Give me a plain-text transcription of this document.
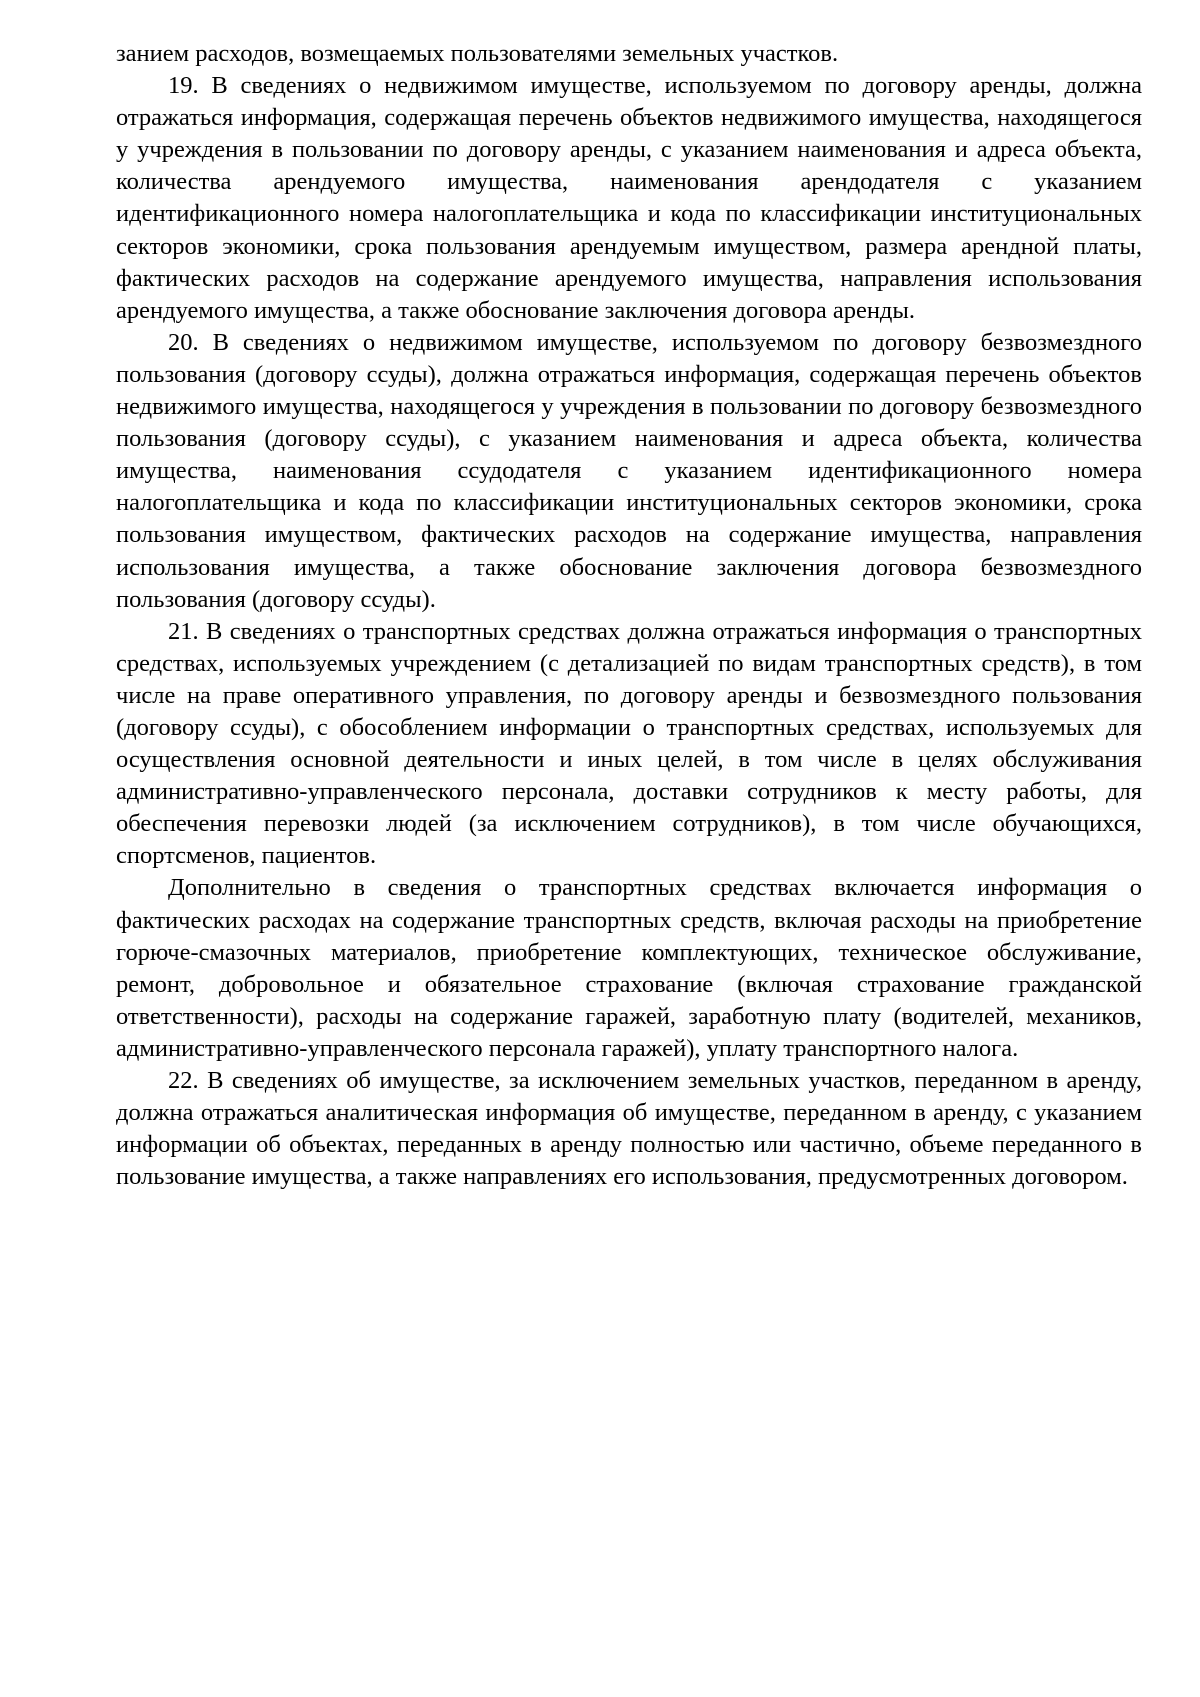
занием расходов, возмещаемых пользователями земельных участков.

19. В сведениях о недвижимом имуществе, используемом по договору аренды, должна отражаться информация, содержащая перечень объектов недвижимого имущества, находящегося у учреждения в пользовании по договору аренды, с указанием наименования и адреса объекта, количества арендуемого имущества, наименования арендодателя с указанием идентификационного номера налогоплательщика и кода по классификации институциональных секторов экономики, срока пользования арендуемым имуществом, размера арендной платы, фактических расходов на содержание арендуемого имущества, направления использования арендуемого имущества, а также обоснование заключения договора аренды.

20. В сведениях о недвижимом имуществе, используемом по договору безвозмездного пользования (договору ссуды), должна отражаться информация, содержащая перечень объектов недвижимого имущества, находящегося у учреждения в пользовании по договору безвозмездного пользования (договору ссуды), с указанием наименования и адреса объекта, количества имущества, наименования ссудодателя с указанием идентификационного номера налогоплательщика и кода по классификации институциональных секторов экономики, срока пользования имуществом, фактических расходов на содержание имущества, направления использования имущества, а также обоснование заключения договора безвозмездного пользования (договору ссуды).

21. В сведениях о транспортных средствах должна отражаться информация о транспортных средствах, используемых учреждением (с детализацией по видам транспортных средств), в том числе на праве оперативного управления, по договору аренды и безвозмездного пользования (договору ссуды), с обособлением информации о транспортных средствах, используемых для осуществления основной деятельности и иных целей, в том числе в целях обслуживания административно-управленческого персонала, доставки сотрудников к месту работы, для обеспечения перевозки людей (за исключением сотрудников), в том числе обучающихся, спортсменов, пациентов.

Дополнительно в сведения о транспортных средствах включается информация о фактических расходах на содержание транспортных средств, включая расходы на приобретение горюче-смазочных материалов, приобретение комплектующих, техническое обслуживание, ремонт, добровольное и обязательное страхование (включая страхование гражданской ответственности), расходы на содержание гаражей, заработную плату (водителей, механиков, административно-управленческого персонала гаражей), уплату транспортного налога.

22. В сведениях об имуществе, за исключением земельных участков, переданном в аренду, должна отражаться аналитическая информация об имуществе, переданном в аренду, с указанием информации об объектах, переданных в аренду полностью или частично, объеме переданного в пользование имущества, а также направлениях его использования, предусмотренных договором.
